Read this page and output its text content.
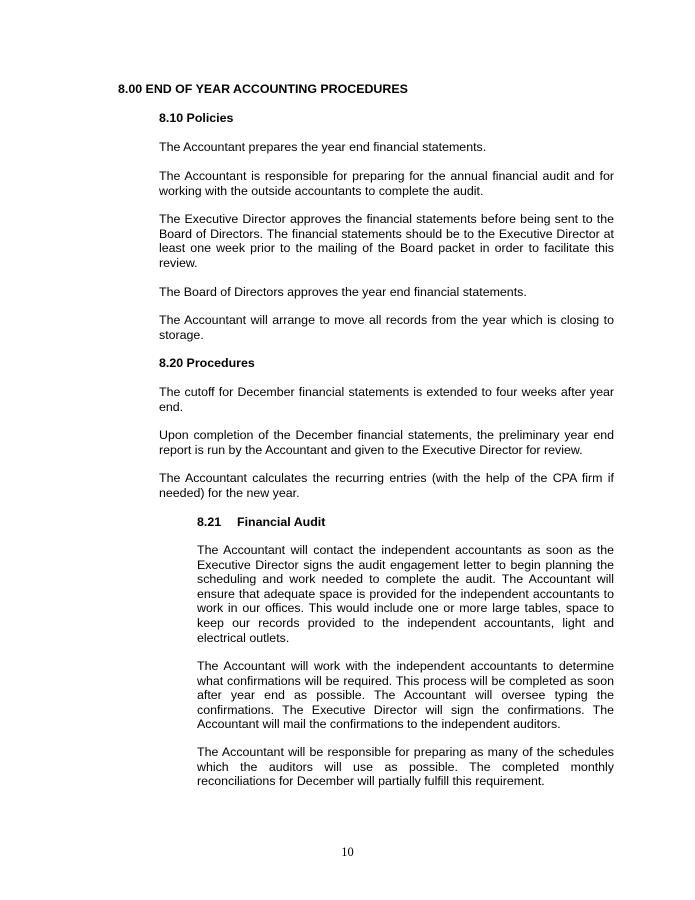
8.00 END OF YEAR ACCOUNTING PROCEDURES
8.10 Policies
The Accountant prepares the year end financial statements.
The Accountant is responsible for preparing for the annual financial audit and for working with the outside accountants to complete the audit.
The Executive Director approves the financial statements before being sent to the Board of Directors. The financial statements should be to the Executive Director at least one week prior to the mailing of the Board packet in order to facilitate this review.
The Board of Directors approves the year end financial statements.
The Accountant will arrange to move all records from the year which is closing to storage.
8.20 Procedures
The cutoff for December financial statements is extended to four weeks after year end.
Upon completion of the December financial statements, the preliminary year end report is run by the Accountant and given to the Executive Director for review.
The Accountant calculates the recurring entries (with the help of the CPA firm if needed) for the new year.
8.21 Financial Audit
The Accountant will contact the independent accountants as soon as the Executive Director signs the audit engagement letter to begin planning the scheduling and work needed to complete the audit. The Accountant will ensure that adequate space is provided for the independent accountants to work in our offices. This would include one or more large tables, space to keep our records provided to the independent accountants, light and electrical outlets.
The Accountant will work with the independent accountants to determine what confirmations will be required. This process will be completed as soon after year end as possible. The Accountant will oversee typing the confirmations. The Executive Director will sign the confirmations. The Accountant will mail the confirmations to the independent auditors.
The Accountant will be responsible for preparing as many of the schedules which the auditors will use as possible. The completed monthly reconciliations for December will partially fulfill this requirement.
10
